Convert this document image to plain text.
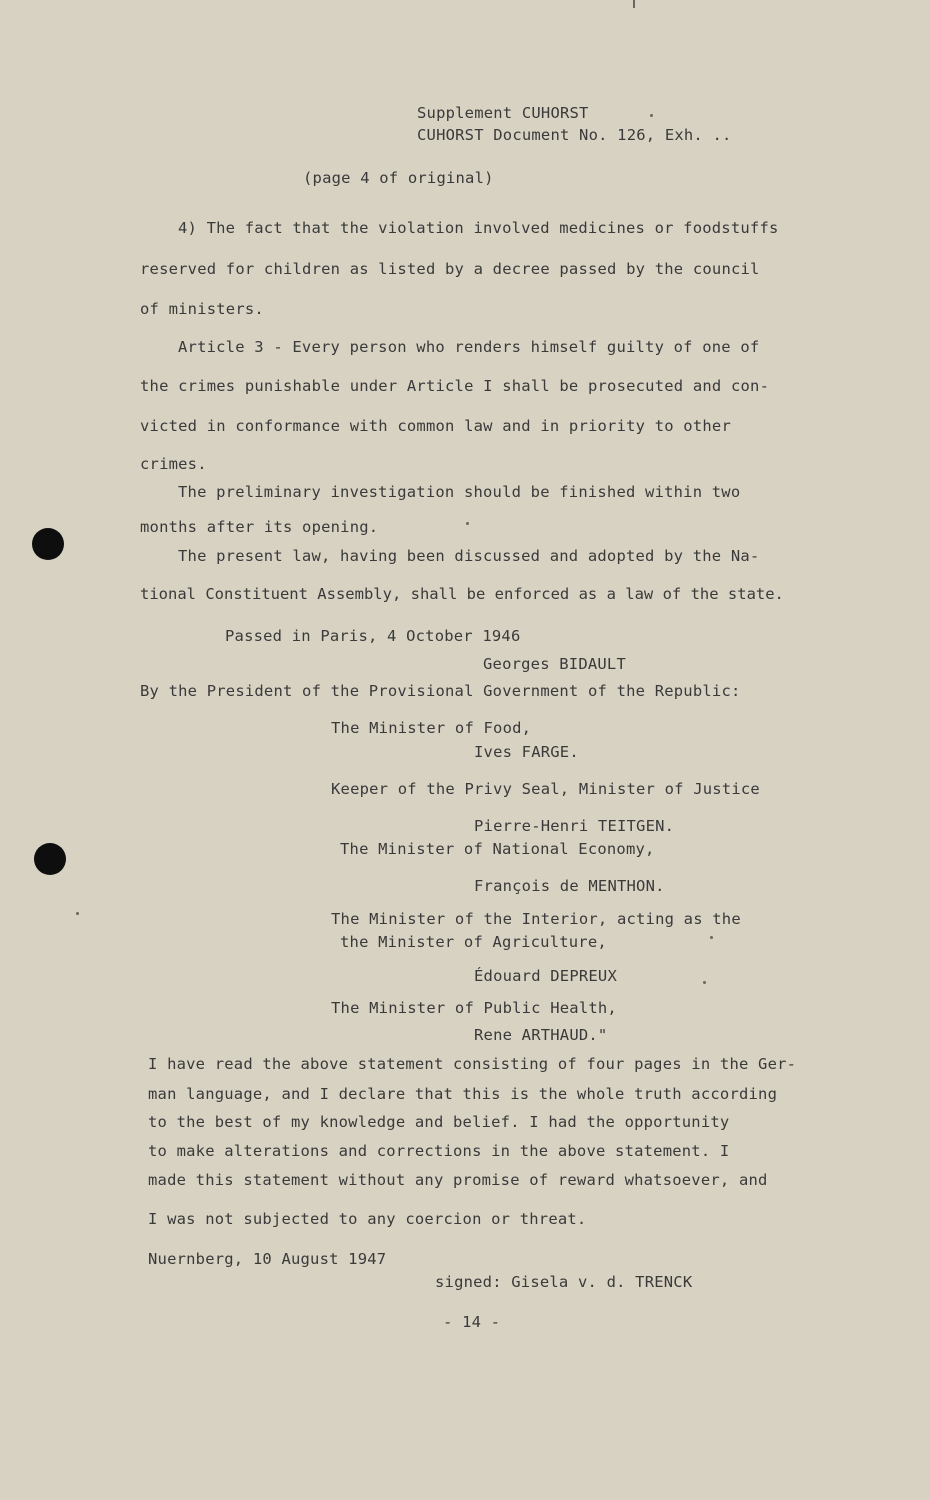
Supplement CUHORST
CUHORST Document No. 126, Exh. ..
(page 4 of original)
4) The fact that the violation involved medicines or foodstuffs
reserved for children as listed by a decree passed by the council
of ministers.
Article 3 - Every person who renders himself guilty of one of
the crimes punishable under Article I shall be prosecuted and con-
victed in conformance with common law and in priority to other
crimes.
The preliminary investigation should be finished within two
months after its opening.
The present law, having been discussed and adopted by the Na-
tional Constituent Assembly, shall be enforced as a law of the state.
Passed in Paris, 4 October 1946
Georges BIDAULT
By the President of the Provisional Government of the Republic:
The Minister of Food,
Ives FARGE.
Keeper of the Privy Seal, Minister of Justice
Pierre-Henri TEITGEN.
The Minister of National Economy,
François de MENTHON.
The Minister of the Interior, acting as the
the Minister of Agriculture,
Édouard DEPREUX
The Minister of Public Health,
Rene ARTHAUD."
I have read the above statement consisting of four pages in the Ger-
man language, and I declare that this is the whole truth according
to the best of my knowledge and belief. I had the opportunity
to make alterations and corrections in the above statement. I
made this statement without any promise of reward whatsoever, and
I was not subjected to any coercion or threat.
Nuernberg, 10 August 1947
signed: Gisela v. d. TRENCK
- 14 -
